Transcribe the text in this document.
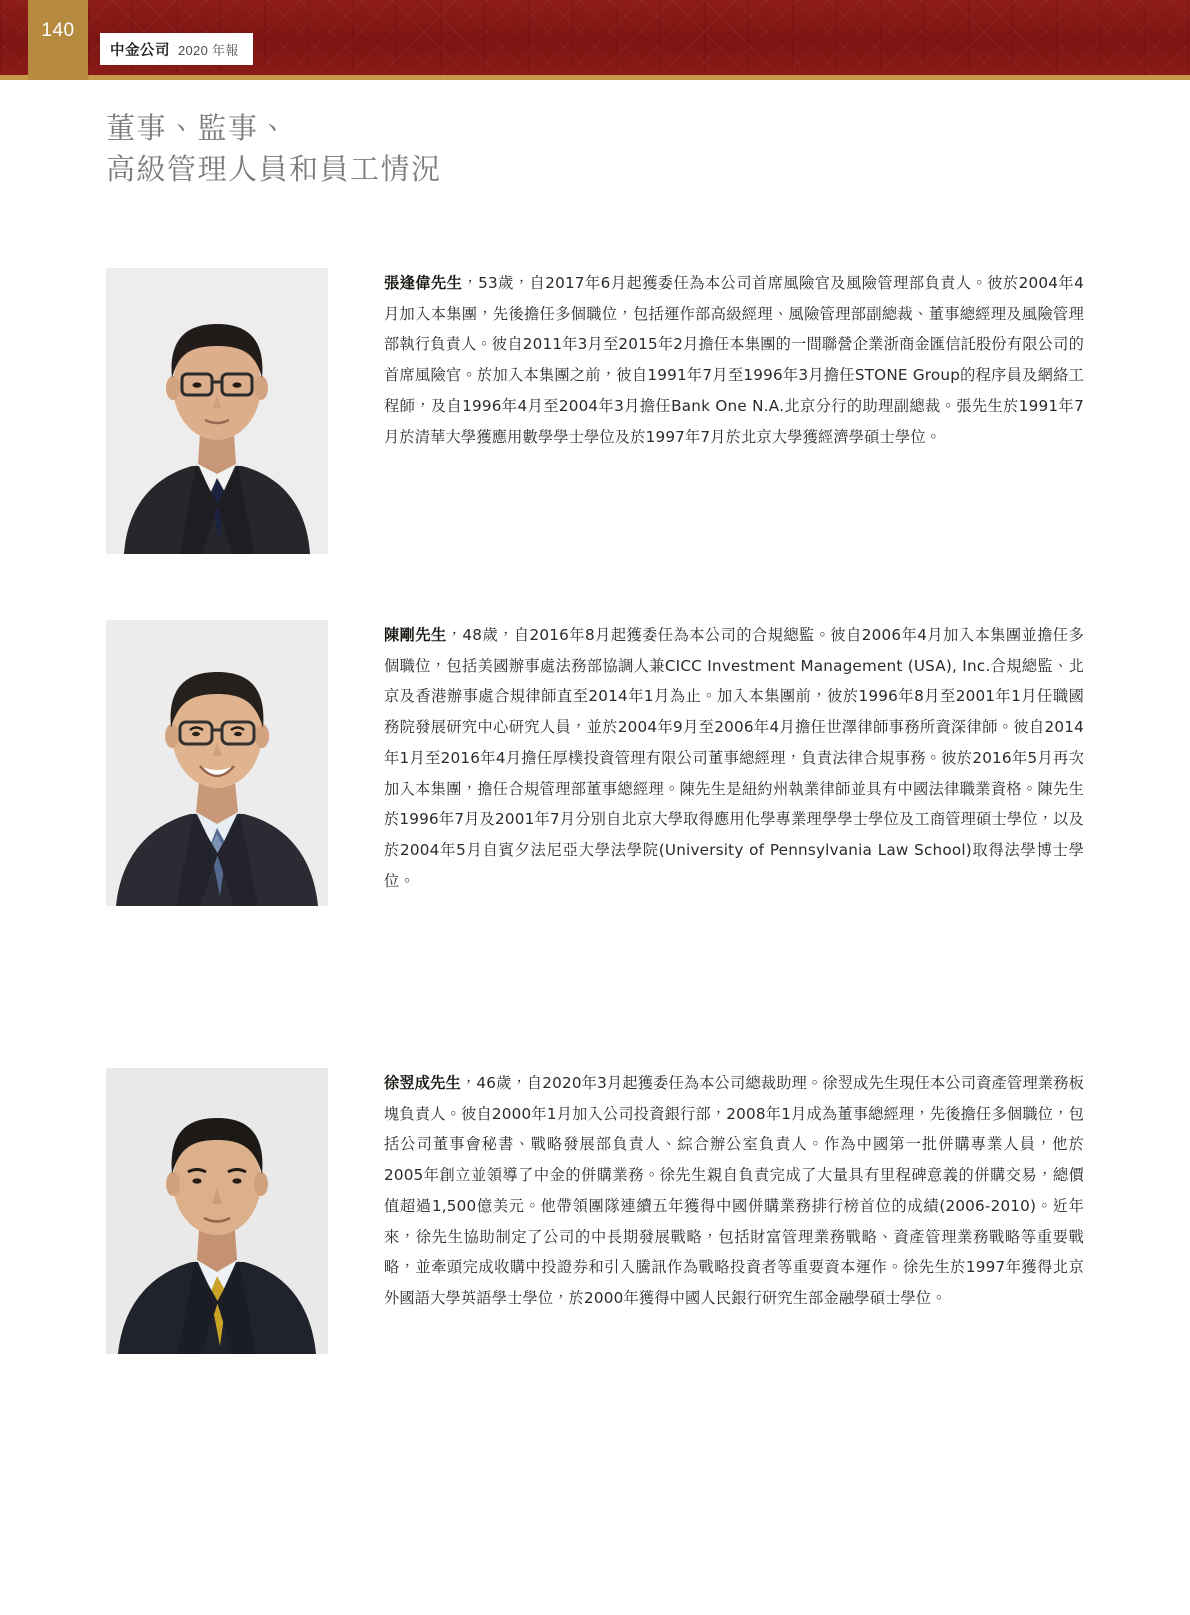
140
中金公司 2020 年報
董事、監事、
高級管理人員和員工情況
張逢偉先生，53歲，自2017年6月起獲委任為本公司首席風險官及風險管理部負責人。彼於2004年4月加入本集團，先後擔任多個職位，包括運作部高級經理、風險管理部副總裁、董事總經理及風險管理部執行負責人。彼自2011年3月至2015年2月擔任本集團的一間聯營企業浙商金匯信託股份有限公司的首席風險官。於加入本集團之前，彼自1991年7月至1996年3月擔任STONE Group的程序員及網絡工程師，及自1996年4月至2004年3月擔任Bank One N.A.北京分行的助理副總裁。張先生於1991年7月於清華大學獲應用數學學士學位及於1997年7月於北京大學獲經濟學碩士學位。
陳剛先生，48歲，自2016年8月起獲委任為本公司的合規總監。彼自2006年4月加入本集團並擔任多個職位，包括美國辦事處法務部協調人兼CICC Investment Management (USA), Inc.合規總監、北京及香港辦事處合規律師直至2014年1月為止。加入本集團前，彼於1996年8月至2001年1月任職國務院發展研究中心研究人員，並於2004年9月至2006年4月擔任世澤律師事務所資深律師。彼自2014年1月至2016年4月擔任厚樸投資管理有限公司董事總經理，負責法律合規事務。彼於2016年5月再次加入本集團，擔任合規管理部董事總經理。陳先生是紐約州執業律師並具有中國法律職業資格。陳先生於1996年7月及2001年7月分別自北京大學取得應用化學專業理學學士學位及工商管理碩士學位，以及於2004年5月自賓夕法尼亞大學法學院(University of Pennsylvania Law School)取得法學博士學位。
徐翌成先生，46歲，自2020年3月起獲委任為本公司總裁助理。徐翌成先生現任本公司資產管理業務板塊負責人。彼自2000年1月加入公司投資銀行部，2008年1月成為董事總經理，先後擔任多個職位，包括公司董事會秘書、戰略發展部負責人、綜合辦公室負責人。作為中國第一批併購專業人員，他於2005年創立並領導了中金的併購業務。徐先生親自負責完成了大量具有里程碑意義的併購交易，總價值超過1,500億美元。他帶領團隊連續五年獲得中國併購業務排行榜首位的成績(2006-2010)。近年來，徐先生協助制定了公司的中長期發展戰略，包括財富管理業務戰略、資產管理業務戰略等重要戰略，並牽頭完成收購中投證券和引入騰訊作為戰略投資者等重要資本運作。徐先生於1997年獲得北京外國語大學英語學士學位，於2000年獲得中國人民銀行研究生部金融學碩士學位。
